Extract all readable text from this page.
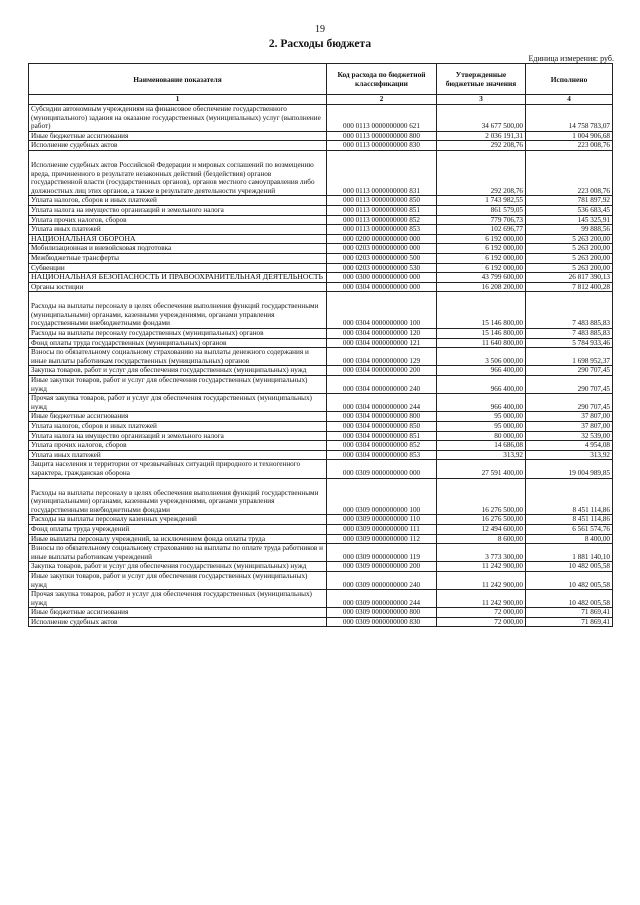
19
2. Расходы бюджета
Единица измерения: руб.
Наименование показателя	Код расхода по бюджетной классификации	Утвержденные бюджетные значения	Исполнено
1	2	3	4
Субсидии автономным учреждениям на финансовое обеспечение государственного (муниципального) задания на оказание государственных (муниципальных) услуг (выполнение работ)	000 0113 0000000000 621	34 677 500,00	14 758 783,07
Иные бюджетные ассигнования	000 0113 0000000000 800	2 036 191,31	1 004 906,68
Исполнение судебных актов	000 0113 0000000000 830	292 208,76	223 008,76
Исполнение судебных актов Российской Федерации и мировых соглашений по возмещению вреда, причиненного в результате незаконных действий (бездействия) органов государственной власти (государственных органов), органов местного самоуправления либо должностных лиц этих органов, а также в результате деятельности учреждений	000 0113 0000000000 831	292 208,76	223 008,76
Уплата налогов, сборов и иных платежей	000 0113 0000000000 850	1 743 982,55	781 897,92
Уплата налога на имущество организаций и земельного налога	000 0113 0000000000 851	861 579,05	536 683,45
Уплата прочих налогов, сборов	000 0113 0000000000 852	779 706,73	145 325,91
Уплата иных платежей	000 0113 0000000000 853	102 696,77	99 888,56
НАЦИОНАЛЬНАЯ ОБОРОНА	000 0200 0000000000 000	6 192 000,00	5 263 200,00
Мобилизационная и вневойсковая подготовка	000 0203 0000000000 000	6 192 000,00	5 263 200,00
Межбюджетные трансферты	000 0203 0000000000 500	6 192 000,00	5 263 200,00
Субвенции	000 0203 0000000000 530	6 192 000,00	5 263 200,00
НАЦИОНАЛЬНАЯ БЕЗОПАСНОСТЬ И ПРАВООХРАНИТЕЛЬНАЯ ДЕЯТЕЛЬНОСТЬ	000 0300 0000000000 000	43 799 600,00	26 817 390,13
Органы юстиции	000 0304 0000000000 000	16 208 200,00	7 812 400,28
Расходы на выплаты персоналу в целях обеспечения выполнения функций государственными (муниципальными) органами, казенными учреждениями, органами управления государственными внебюджетными фондами	000 0304 0000000000 100	15 146 800,00	7 483 885,83
Расходы на выплаты персоналу государственных (муниципальных) органов	000 0304 0000000000 120	15 146 800,00	7 483 885,83
Фонд оплаты труда государственных (муниципальных) органов	000 0304 0000000000 121	11 640 800,00	5 784 933,46
Взносы по обязательному социальному страхованию на выплаты денежного содержания и иные выплаты работникам государственных (муниципальных) органов	000 0304 0000000000 129	3 506 000,00	1 698 952,37
Закупка товаров, работ и услуг для обеспечения государственных (муниципальных) нужд	000 0304 0000000000 200	966 400,00	290 707,45
Иные закупки товаров, работ и услуг для обеспечения государственных (муниципальных) нужд	000 0304 0000000000 240	966 400,00	290 707,45
Прочая закупка товаров, работ и услуг для обеспечения государственных (муниципальных) нужд	000 0304 0000000000 244	966 400,00	290 707,45
Иные бюджетные ассигнования	000 0304 0000000000 800	95 000,00	37 807,00
Уплата налогов, сборов и иных платежей	000 0304 0000000000 850	95 000,00	37 807,00
Уплата налога на имущество организаций и земельного налога	000 0304 0000000000 851	80 000,00	32 539,00
Уплата прочих налогов, сборов	000 0304 0000000000 852	14 686,08	4 954,08
Уплата иных платежей	000 0304 0000000000 853	313,92	313,92
Защита населения и территории от чрезвычайных ситуаций природного и техногенного характера, гражданская оборона	000 0309 0000000000 000	27 591 400,00	19 004 989,85
Расходы на выплаты персоналу в целях обеспечения выполнения функций государственными (муниципальными) органами, казенными учреждениями, органами управления государственными внебюджетными фондами	000 0309 0000000000 100	16 276 500,00	8 451 114,86
Расходы на выплаты персоналу казенных учреждений	000 0309 0000000000 110	16 276 500,00	8 451 114,86
Фонд оплаты труда учреждений	000 0309 0000000000 111	12 494 600,00	6 561 574,76
Иные выплаты персоналу учреждений, за исключением фонда оплаты труда	000 0309 0000000000 112	8 600,00	8 400,00
Взносы по обязательному социальному страхованию на выплаты по оплате труда работников и иные выплаты работникам учреждений	000 0309 0000000000 119	3 773 300,00	1 881 140,10
Закупка товаров, работ и услуг для обеспечения государственных (муниципальных) нужд	000 0309 0000000000 200	11 242 900,00	10 482 005,58
Иные закупки товаров, работ и услуг для обеспечения государственных (муниципальных) нужд	000 0309 0000000000 240	11 242 900,00	10 482 005,58
Прочая закупка товаров, работ и услуг для обеспечения государственных (муниципальных) нужд	000 0309 0000000000 244	11 242 900,00	10 482 005,58
Иные бюджетные ассигнования	000 0309 0000000000 800	72 000,00	71 869,41
Исполнение судебных актов	000 0309 0000000000 830	72 000,00	71 869,41
